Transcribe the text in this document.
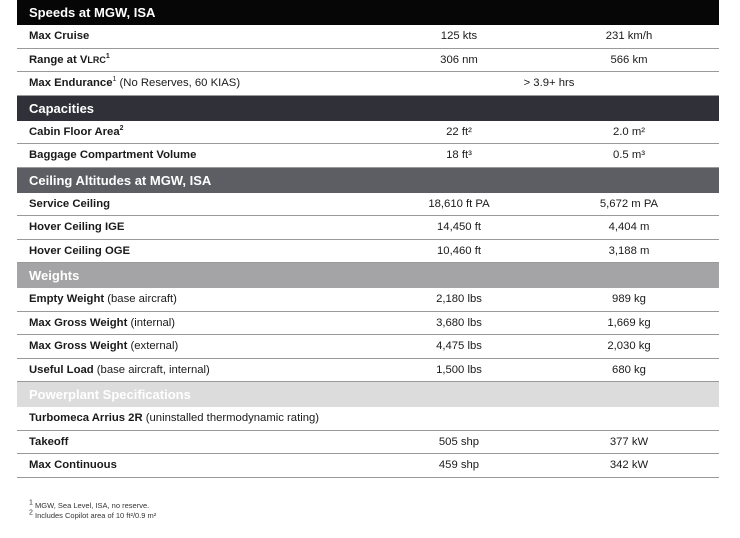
Speeds at MGW, ISA
Max Cruise	125 kts	231 km/h
Range at VLRC$^1$	306 nm	566 km
Max Endurance$^1$ (No Reserves, 60 KIAS)	> 3.9+ hrs
Capacities
Cabin Floor Area$^2$	22 ft²	2.0 m²
Baggage Compartment Volume	18 ft³	0.5 m³
Ceiling Altitudes at MGW, ISA
Service Ceiling	18,610 ft PA	5,672 m PA
Hover Ceiling IGE	14,450 ft	4,404 m
Hover Ceiling OGE	10,460 ft	3,188 m
Weights
Empty Weight (base aircraft)	2,180 lbs	989 kg
Max Gross Weight (internal)	3,680 lbs	1,669 kg
Max Gross Weight (external)	4,475 lbs	2,030 kg
Useful Load (base aircraft, internal)	1,500 lbs	680 kg
Powerplant Specifications
Turbomeca Arrius 2R (uninstalled thermodynamic rating)
Takeoff	505 shp	377 kW
Max Continuous	459 shp	342 kW
$^1$ MGW, Sea Level, ISA, no reserve.
$^2$ Includes Copilot area of 10 ft²/0.9 m²
